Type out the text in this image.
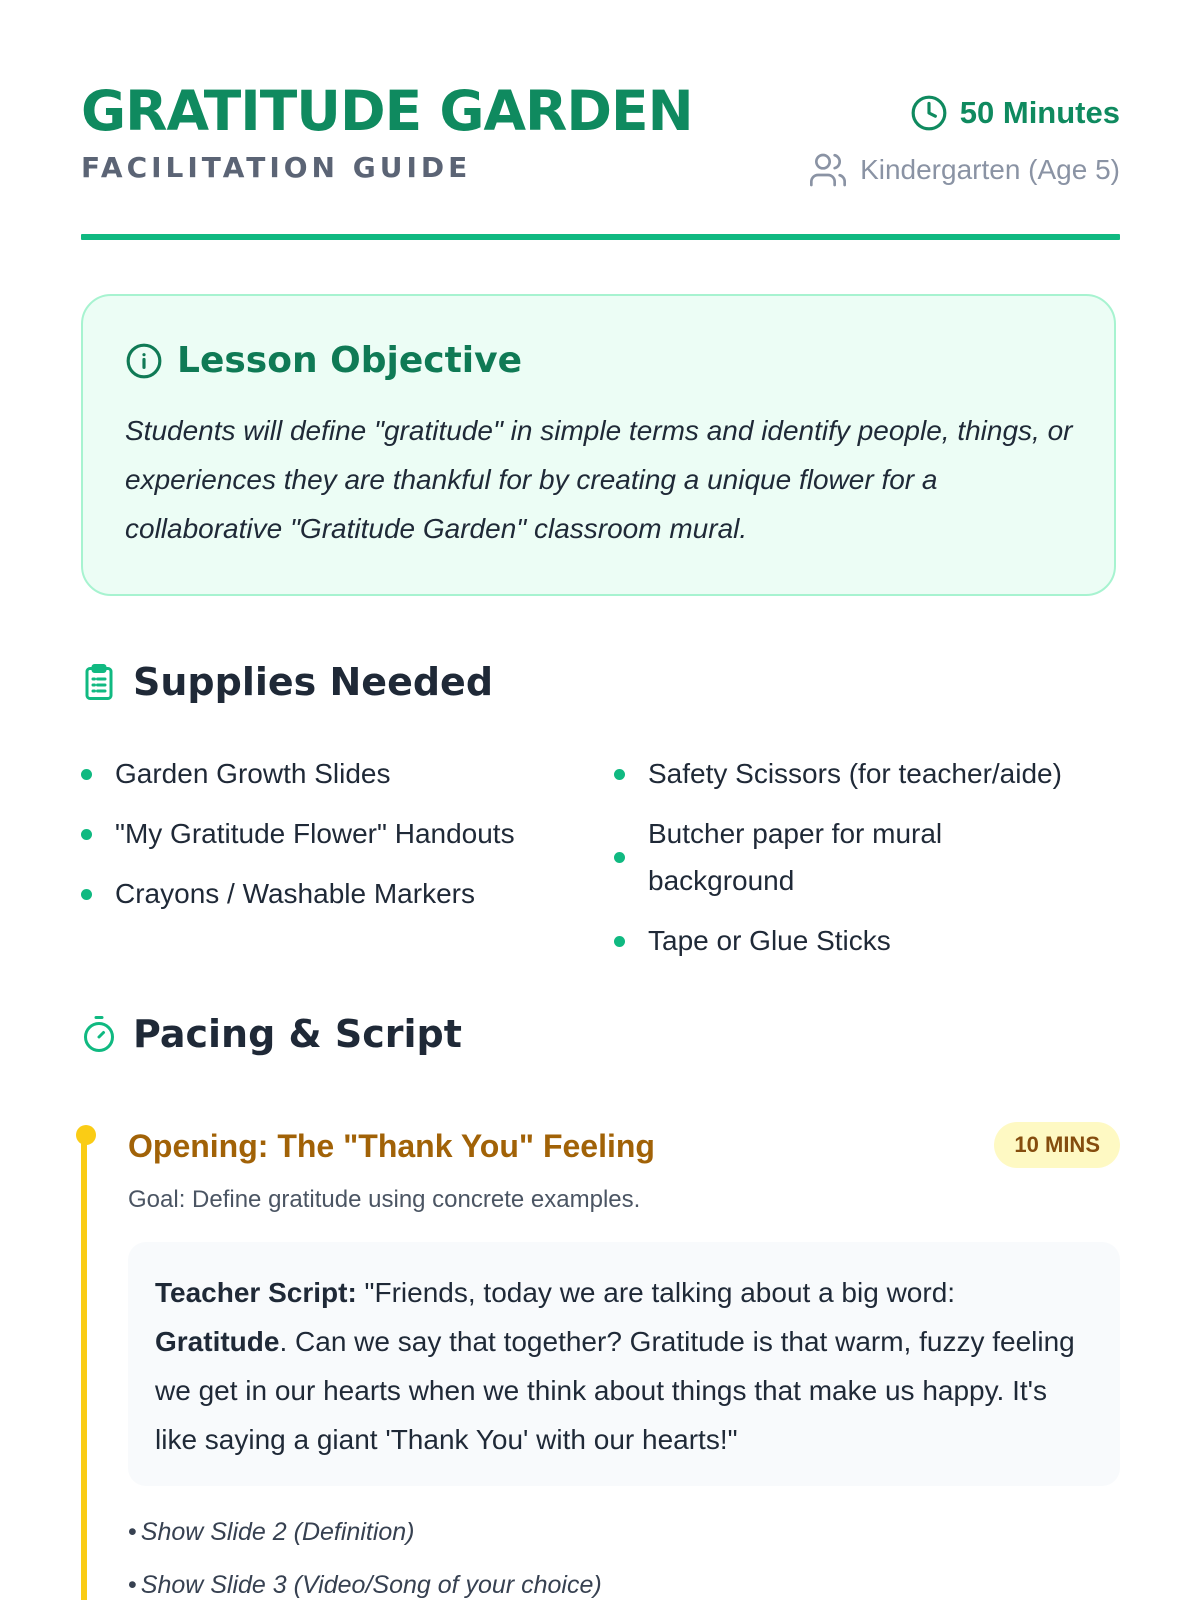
GRATITUDE GARDEN
FACILITATION GUIDE
50 Minutes
Kindergarten (Age 5)
Lesson Objective
Students will define "gratitude" in simple terms and identify people, things, or experiences they are thankful for by creating a unique flower for a collaborative "Gratitude Garden" classroom mural.
Supplies Needed
Garden Growth Slides
"My Gratitude Flower" Handouts
Crayons / Washable Markers
Safety Scissors (for teacher/aide)
Butcher paper for mural background
Tape or Glue Sticks
Pacing & Script
Opening: The "Thank You" Feeling	10 MINS
Goal: Define gratitude using concrete examples.
Teacher Script: "Friends, today we are talking about a big word: Gratitude. Can we say that together? Gratitude is that warm, fuzzy feeling we get in our hearts when we think about things that make us happy. It's like saying a giant 'Thank You' with our hearts!"
• Show Slide 2 (Definition)
• Show Slide 3 (Video/Song of your choice)
